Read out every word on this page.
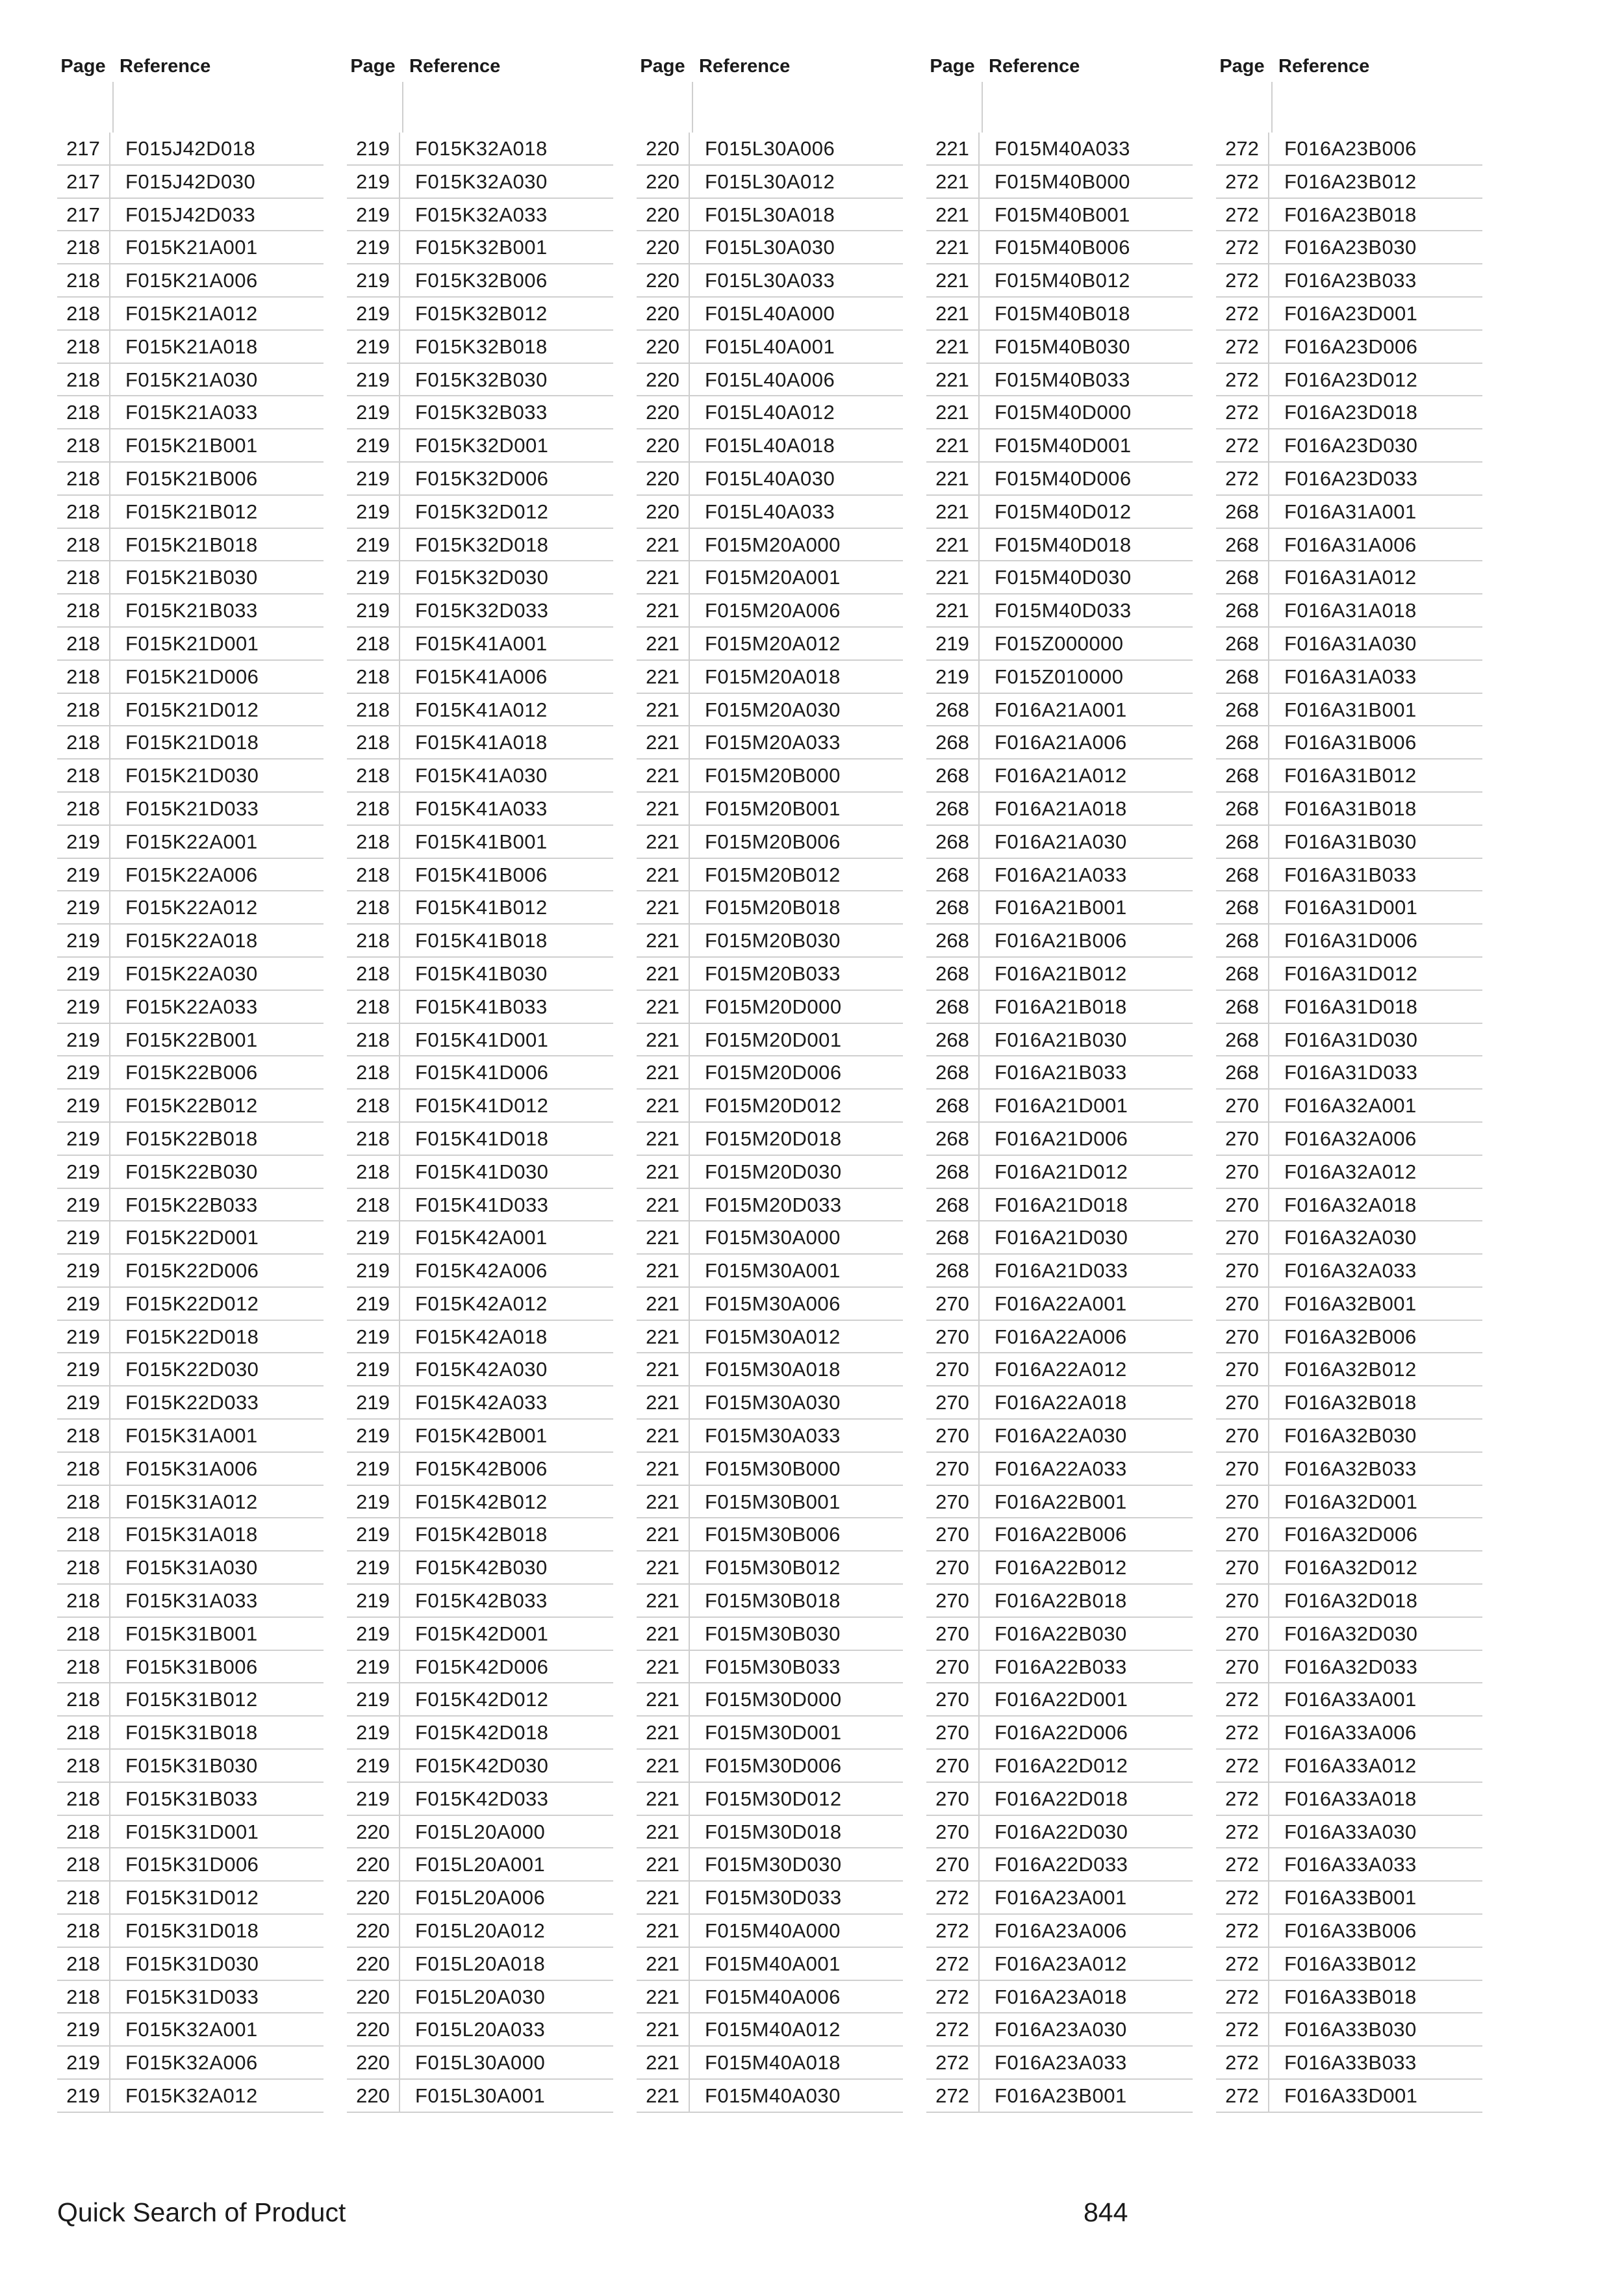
Page Reference
217	F015J42D018
217	F015J42D030
217	F015J42D033
218	F015K21A001
218	F015K21A006
218	F015K21A012
218	F015K21A018
218	F015K21A030
218	F015K21A033
218	F015K21B001
218	F015K21B006
218	F015K21B012
218	F015K21B018
218	F015K21B030
218	F015K21B033
218	F015K21D001
218	F015K21D006
218	F015K21D012
218	F015K21D018
218	F015K21D030
218	F015K21D033
219	F015K22A001
219	F015K22A006
219	F015K22A012
219	F015K22A018
219	F015K22A030
219	F015K22A033
219	F015K22B001
219	F015K22B006
219	F015K22B012
219	F015K22B018
219	F015K22B030
219	F015K22B033
219	F015K22D001
219	F015K22D006
219	F015K22D012
219	F015K22D018
219	F015K22D030
219	F015K22D033
218	F015K31A001
218	F015K31A006
218	F015K31A012
218	F015K31A018
218	F015K31A030
218	F015K31A033
218	F015K31B001
218	F015K31B006
218	F015K31B012
218	F015K31B018
218	F015K31B030
218	F015K31B033
218	F015K31D001
218	F015K31D006
218	F015K31D012
218	F015K31D018
218	F015K31D030
218	F015K31D033
219	F015K32A001
219	F015K32A006
219	F015K32A012
Page Reference
219	F015K32A018
219	F015K32A030
219	F015K32A033
219	F015K32B001
219	F015K32B006
219	F015K32B012
219	F015K32B018
219	F015K32B030
219	F015K32B033
219	F015K32D001
219	F015K32D006
219	F015K32D012
219	F015K32D018
219	F015K32D030
219	F015K32D033
218	F015K41A001
218	F015K41A006
218	F015K41A012
218	F015K41A018
218	F015K41A030
218	F015K41A033
218	F015K41B001
218	F015K41B006
218	F015K41B012
218	F015K41B018
218	F015K41B030
218	F015K41B033
218	F015K41D001
218	F015K41D006
218	F015K41D012
218	F015K41D018
218	F015K41D030
218	F015K41D033
219	F015K42A001
219	F015K42A006
219	F015K42A012
219	F015K42A018
219	F015K42A030
219	F015K42A033
219	F015K42B001
219	F015K42B006
219	F015K42B012
219	F015K42B018
219	F015K42B030
219	F015K42B033
219	F015K42D001
219	F015K42D006
219	F015K42D012
219	F015K42D018
219	F015K42D030
219	F015K42D033
220	F015L20A000
220	F015L20A001
220	F015L20A006
220	F015L20A012
220	F015L20A018
220	F015L20A030
220	F015L20A033
220	F015L30A000
220	F015L30A001
Page Reference
220	F015L30A006
220	F015L30A012
220	F015L30A018
220	F015L30A030
220	F015L30A033
220	F015L40A000
220	F015L40A001
220	F015L40A006
220	F015L40A012
220	F015L40A018
220	F015L40A030
220	F015L40A033
221	F015M20A000
221	F015M20A001
221	F015M20A006
221	F015M20A012
221	F015M20A018
221	F015M20A030
221	F015M20A033
221	F015M20B000
221	F015M20B001
221	F015M20B006
221	F015M20B012
221	F015M20B018
221	F015M20B030
221	F015M20B033
221	F015M20D000
221	F015M20D001
221	F015M20D006
221	F015M20D012
221	F015M20D018
221	F015M20D030
221	F015M20D033
221	F015M30A000
221	F015M30A001
221	F015M30A006
221	F015M30A012
221	F015M30A018
221	F015M30A030
221	F015M30A033
221	F015M30B000
221	F015M30B001
221	F015M30B006
221	F015M30B012
221	F015M30B018
221	F015M30B030
221	F015M30B033
221	F015M30D000
221	F015M30D001
221	F015M30D006
221	F015M30D012
221	F015M30D018
221	F015M30D030
221	F015M30D033
221	F015M40A000
221	F015M40A001
221	F015M40A006
221	F015M40A012
221	F015M40A018
221	F015M40A030
Page Reference
221	F015M40A033
221	F015M40B000
221	F015M40B001
221	F015M40B006
221	F015M40B012
221	F015M40B018
221	F015M40B030
221	F015M40B033
221	F015M40D000
221	F015M40D001
221	F015M40D006
221	F015M40D012
221	F015M40D018
221	F015M40D030
221	F015M40D033
219	F015Z000000
219	F015Z010000
268	F016A21A001
268	F016A21A006
268	F016A21A012
268	F016A21A018
268	F016A21A030
268	F016A21A033
268	F016A21B001
268	F016A21B006
268	F016A21B012
268	F016A21B018
268	F016A21B030
268	F016A21B033
268	F016A21D001
268	F016A21D006
268	F016A21D012
268	F016A21D018
268	F016A21D030
268	F016A21D033
270	F016A22A001
270	F016A22A006
270	F016A22A012
270	F016A22A018
270	F016A22A030
270	F016A22A033
270	F016A22B001
270	F016A22B006
270	F016A22B012
270	F016A22B018
270	F016A22B030
270	F016A22B033
270	F016A22D001
270	F016A22D006
270	F016A22D012
270	F016A22D018
270	F016A22D030
270	F016A22D033
272	F016A23A001
272	F016A23A006
272	F016A23A012
272	F016A23A018
272	F016A23A030
272	F016A23A033
272	F016A23B001
Page Reference
272	F016A23B006
272	F016A23B012
272	F016A23B018
272	F016A23B030
272	F016A23B033
272	F016A23D001
272	F016A23D006
272	F016A23D012
272	F016A23D018
272	F016A23D030
272	F016A23D033
268	F016A31A001
268	F016A31A006
268	F016A31A012
268	F016A31A018
268	F016A31A030
268	F016A31A033
268	F016A31B001
268	F016A31B006
268	F016A31B012
268	F016A31B018
268	F016A31B030
268	F016A31B033
268	F016A31D001
268	F016A31D006
268	F016A31D012
268	F016A31D018
268	F016A31D030
268	F016A31D033
270	F016A32A001
270	F016A32A006
270	F016A32A012
270	F016A32A018
270	F016A32A030
270	F016A32A033
270	F016A32B001
270	F016A32B006
270	F016A32B012
270	F016A32B018
270	F016A32B030
270	F016A32B033
270	F016A32D001
270	F016A32D006
270	F016A32D012
270	F016A32D018
270	F016A32D030
270	F016A32D033
272	F016A33A001
272	F016A33A006
272	F016A33A012
272	F016A33A018
272	F016A33A030
272	F016A33A033
272	F016A33B001
272	F016A33B006
272	F016A33B012
272	F016A33B018
272	F016A33B030
272	F016A33B033
272	F016A33D001
Quick Search of Product	844
